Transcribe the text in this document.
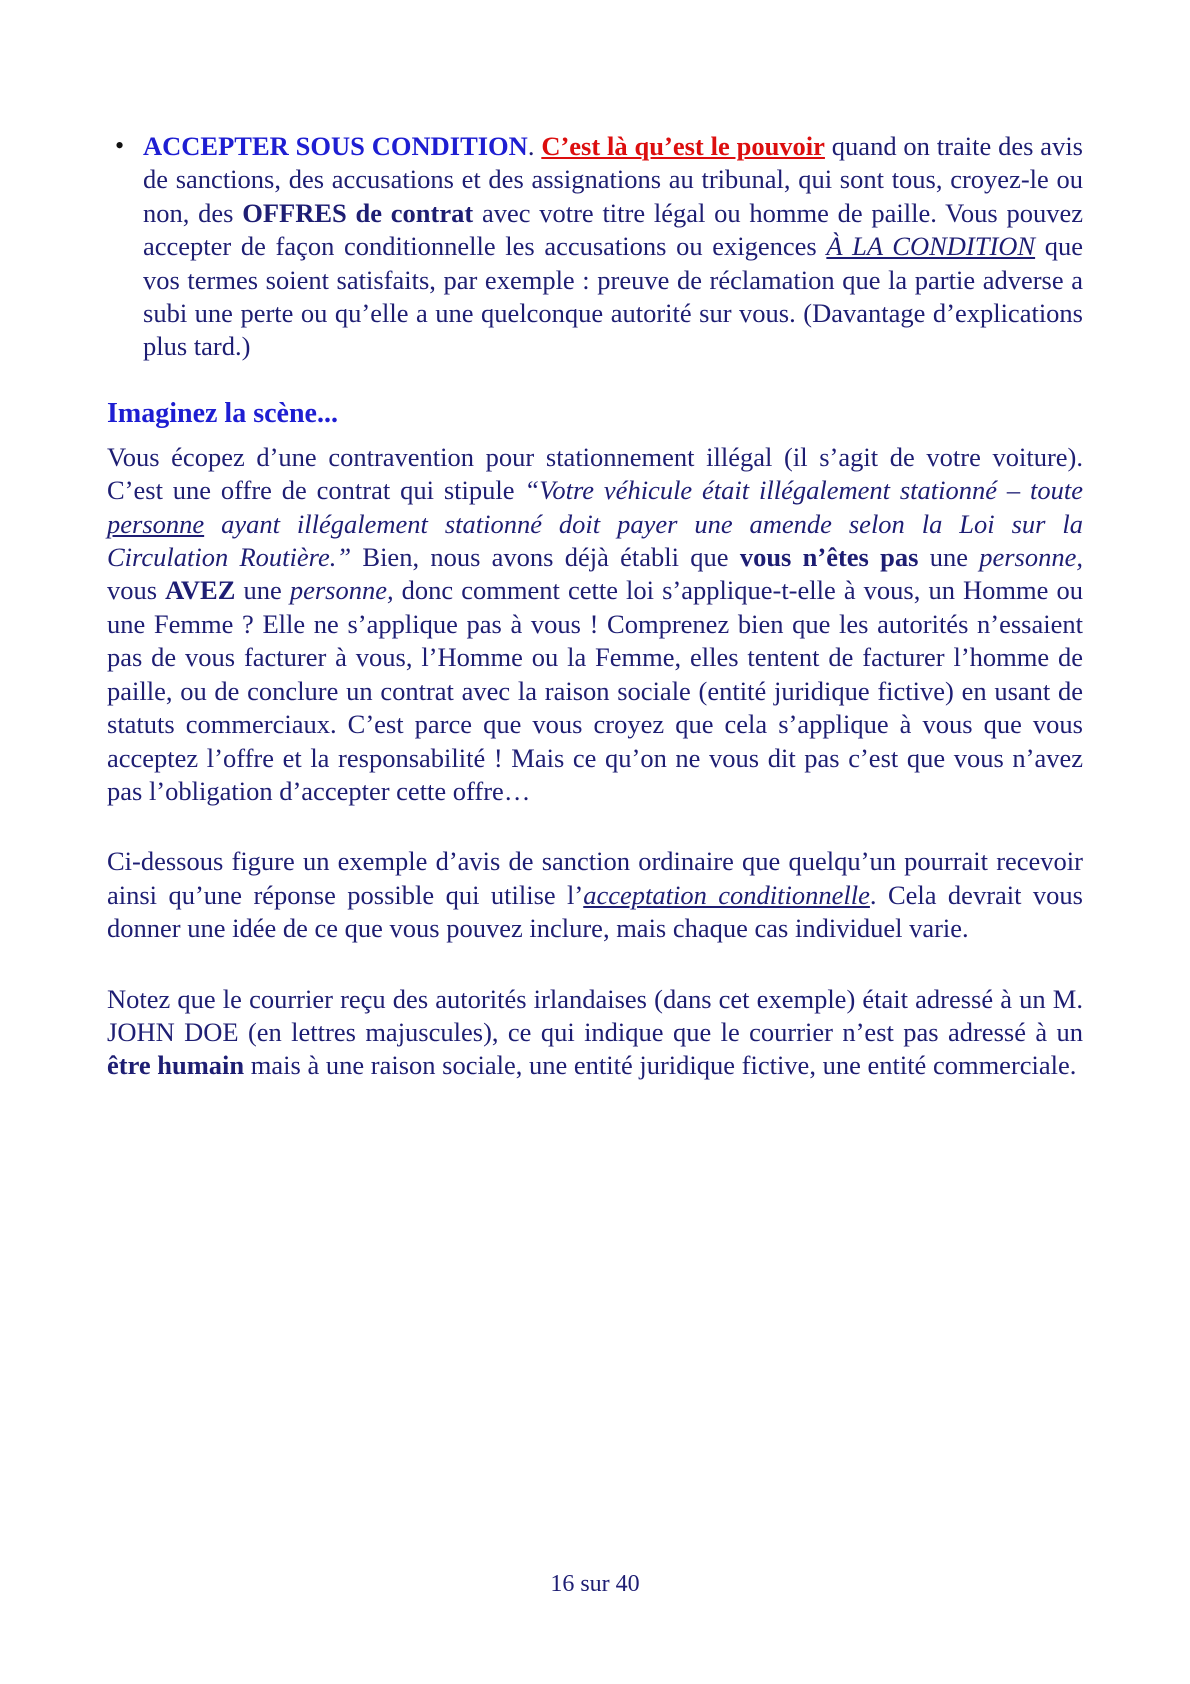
• ACCEPTER SOUS CONDITION. C’est là qu’est le pouvoir quand on traite des avis de sanctions, des accusations et des assignations au tribunal, qui sont tous, croyez-le ou non, des OFFRES de contrat avec votre titre légal ou homme de paille. Vous pouvez accepter de façon conditionnelle les accusations ou exigences À LA CONDITION que vos termes soient satisfaits, par exemple : preuve de réclamation que la partie adverse a subi une perte ou qu’elle a une quelconque autorité sur vous. (Davantage d’explications plus tard.)
Imaginez la scène...
Vous écopez d’une contravention pour stationnement illégal (il s’agit de votre voiture). C’est une offre de contrat qui stipule “Votre véhicule était illégalement stationné – toute personne ayant illégalement stationné doit payer une amende selon la Loi sur la Circulation Routière.” Bien, nous avons déjà établi que vous n’êtes pas une personne, vous AVEZ une personne, donc comment cette loi s’applique-t-elle à vous, un Homme ou une Femme ? Elle ne s’applique pas à vous ! Comprenez bien que les autorités n’essaient pas de vous facturer à vous, l’Homme ou la Femme, elles tentent de facturer l’homme de paille, ou de conclure un contrat avec la raison sociale (entité juridique fictive) en usant de statuts commerciaux. C’est parce que vous croyez que cela s’applique à vous que vous acceptez l’offre et la responsabilité ! Mais ce qu’on ne vous dit pas c’est que vous n’avez pas l’obligation d’accepter cette offre…
Ci-dessous figure un exemple d’avis de sanction ordinaire que quelqu’un pourrait recevoir ainsi qu’une réponse possible qui utilise l’acceptation conditionnelle. Cela devrait vous donner une idée de ce que vous pouvez inclure, mais chaque cas individuel varie.
Notez que le courrier reçu des autorités irlandaises (dans cet exemple) était adressé à un M. JOHN DOE (en lettres majuscules), ce qui indique que le courrier n’est pas adressé à un être humain mais à une raison sociale, une entité juridique fictive, une entité commerciale.
16 sur 40
